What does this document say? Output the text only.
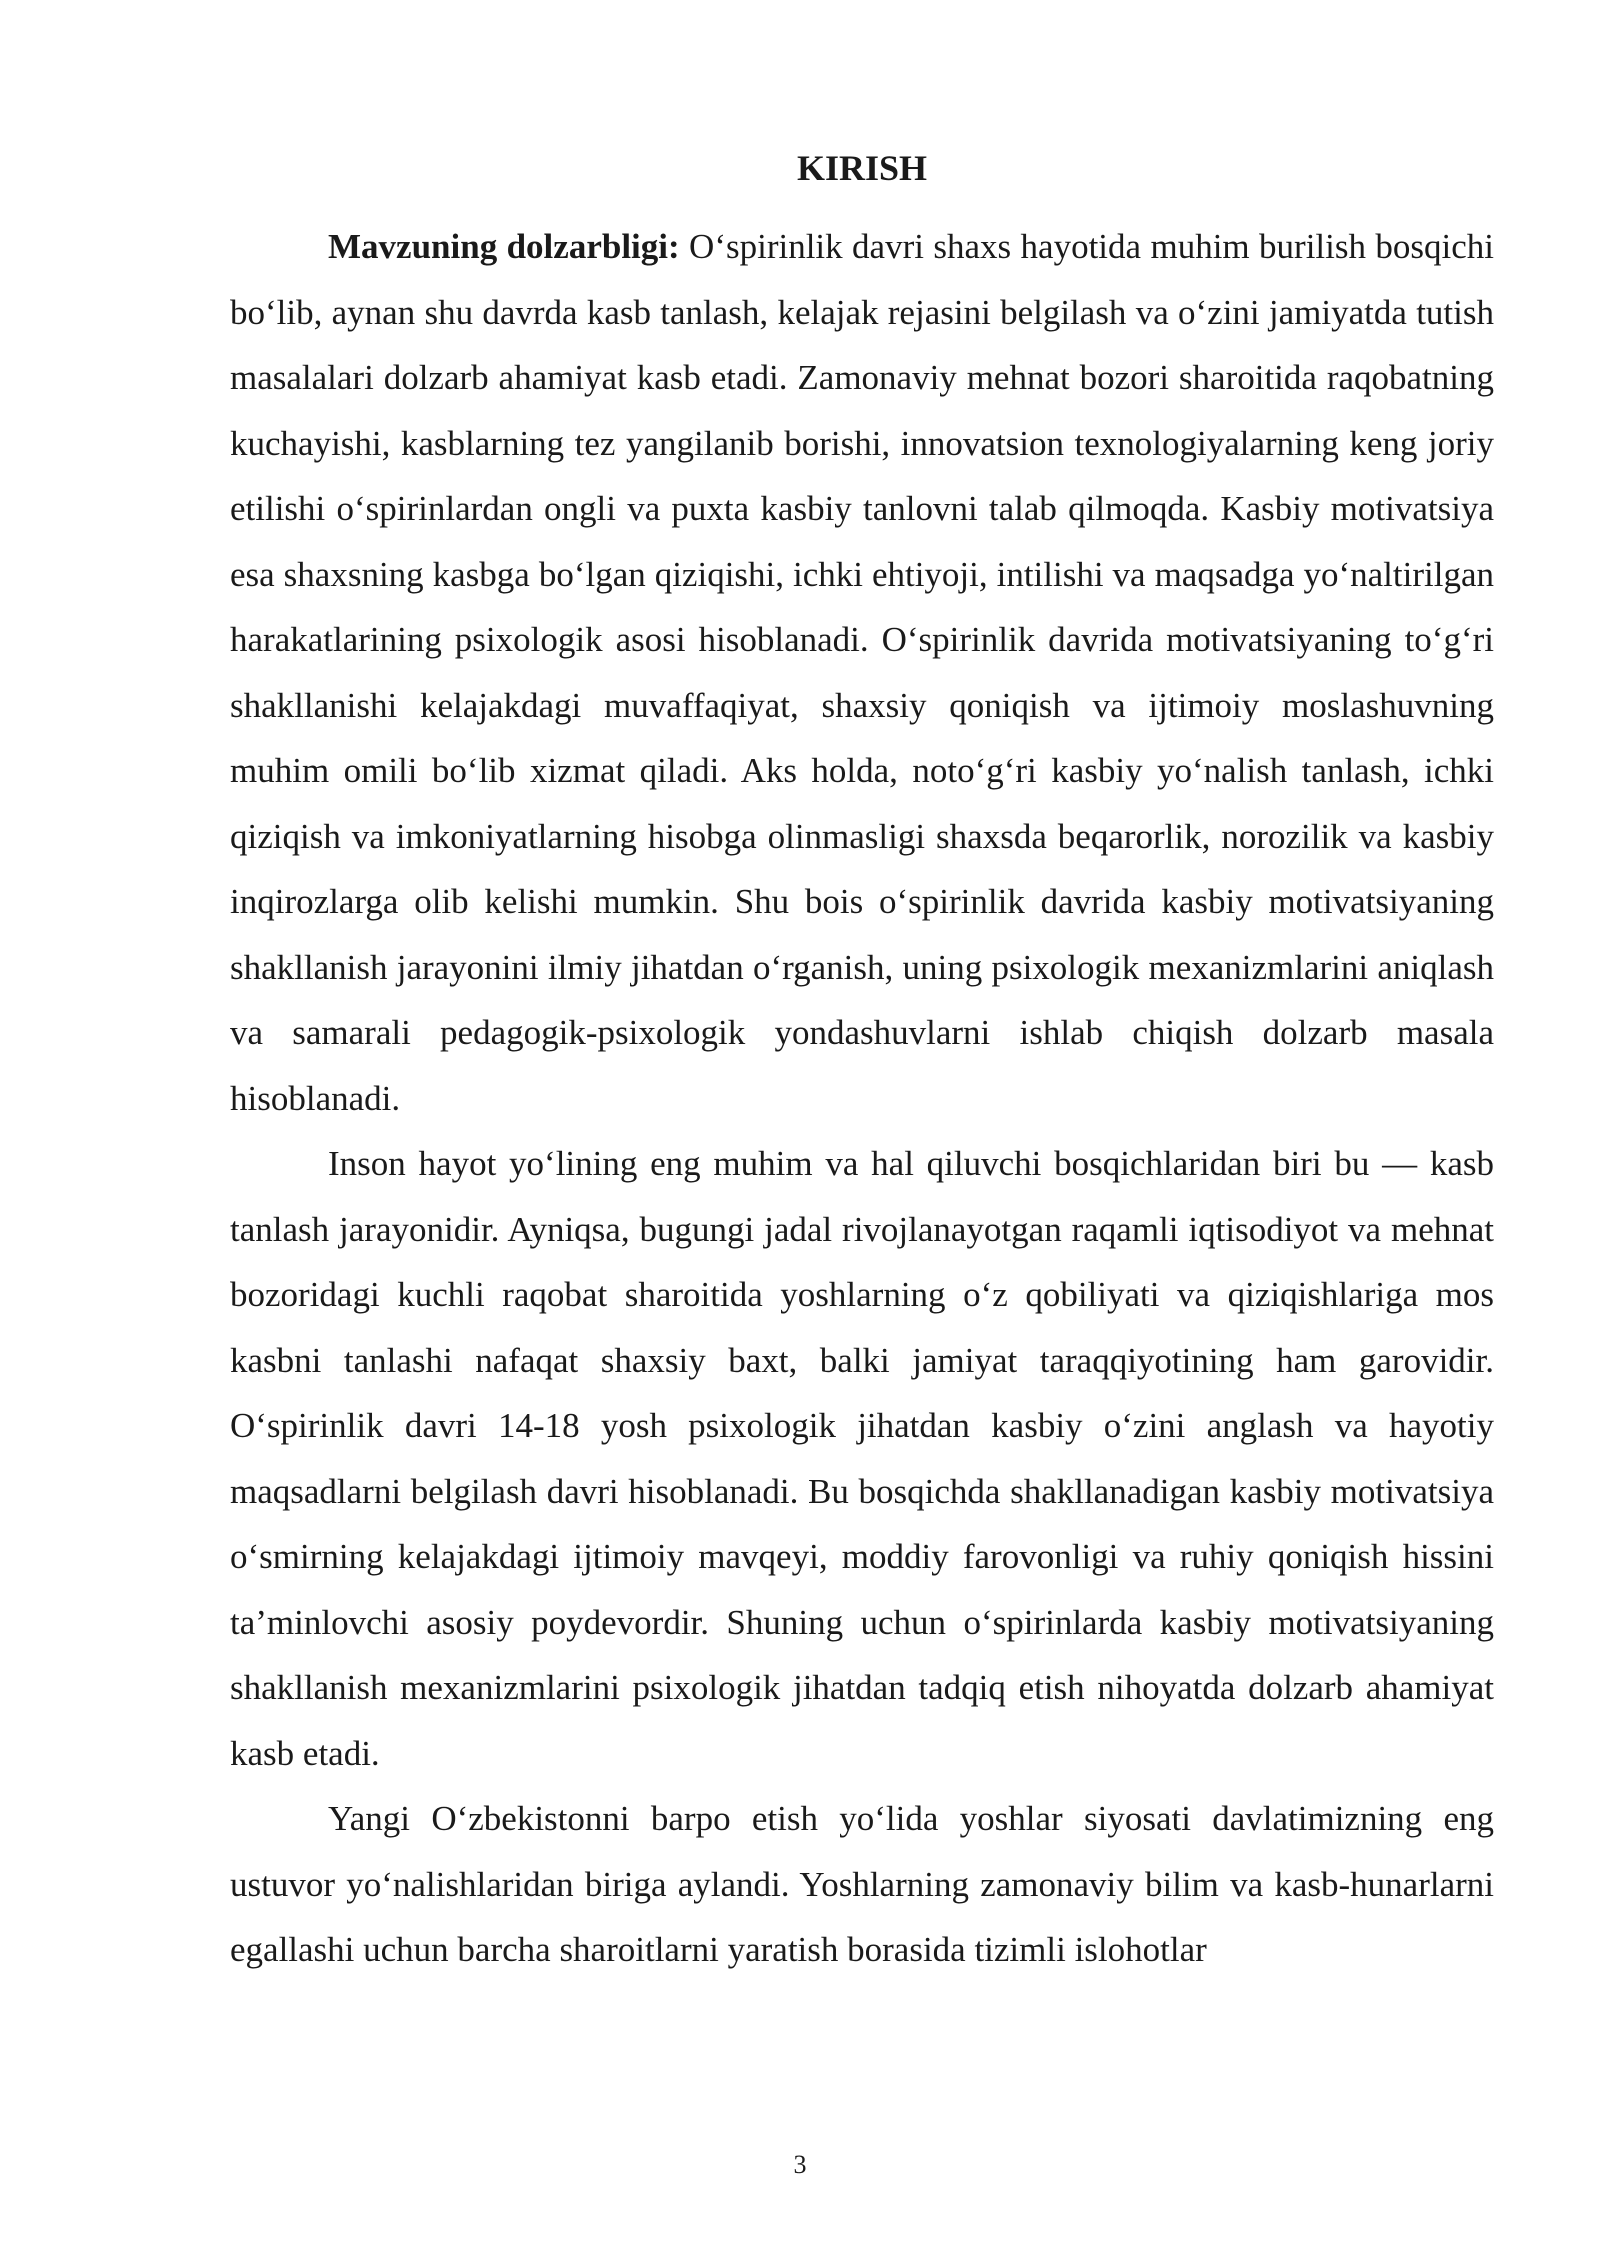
KIRISH

Mavzuning dolzarbligi: O‘spirinlik davri shaxs hayotida muhim burilish bosqichi bo‘lib, aynan shu davrda kasb tanlash, kelajak rejasini belgilash va o‘zini jamiyatda tutish masalalari dolzarb ahamiyat kasb etadi. Zamonaviy mehnat bozori sharoitida raqobatning kuchayishi, kasblarning tez yangilanib borishi, innovatsion texnologiyalarning keng joriy etilishi o‘spirinlardan ongli va puxta kasbiy tanlovni talab qilmoqda. Kasbiy motivatsiya esa shaxsning kasbga bo‘lgan qiziqishi, ichki ehtiyoji, intilishi va maqsadga yo‘naltirilgan harakatlarining psixologik asosi hisoblanadi. O‘spirinlik davrida motivatsiyaning to‘g‘ri shakllanishi kelajakdagi muvaffaqiyat, shaxsiy qoniqish va ijtimoiy moslashuvning muhim omili bo‘lib xizmat qiladi. Aks holda, noto‘g‘ri kasbiy yo‘nalish tanlash, ichki qiziqish va imkoniyatlarning hisobga olinmasligi shaxsda beqarorlik, norozilik va kasbiy inqirozlarga olib kelishi mumkin. Shu bois o‘spirinlik davrida kasbiy motivatsiyaning shakllanish jarayonini ilmiy jihatdan o‘rganish, uning psixologik mexanizmlarini aniqlash va samarali pedagogik-psixologik yondashuvlarni ishlab chiqish dolzarb masala hisoblanadi.

Inson hayot yo‘lining eng muhim va hal qiluvchi bosqichlaridan biri bu — kasb tanlash jarayonidir. Ayniqsa, bugungi jadal rivojlanayotgan raqamli iqtisodiyot va mehnat bozoridagi kuchli raqobat sharoitida yoshlarning o‘z qobiliyati va qiziqishlariga mos kasbni tanlashi nafaqat shaxsiy baxt, balki jamiyat taraqqiyotining ham garovidir. O‘spirinlik davri 14-18 yosh psixologik jihatdan kasbiy o‘zini anglash va hayotiy maqsadlarni belgilash davri hisoblanadi. Bu bosqichda shakllanadigan kasbiy motivatsiya o‘smirning kelajakdagi ijtimoiy mavqeyi, moddiy farovonligi va ruhiy qoniqish hissini ta’minlovchi asosiy poydevordir. Shuning uchun o‘spirinlarda kasbiy motivatsiyaning shakllanish mexanizmlarini psixologik jihatdan tadqiq etish nihoyatda dolzarb ahamiyat kasb etadi.

Yangi O‘zbekistonni barpo etish yo‘lida yoshlar siyosati davlatimizning eng ustuvor yo‘nalishlaridan biriga aylandi. Yoshlarning zamonaviy bilim va kasb-hunarlarni egallashi uchun barcha sharoitlarni yaratish borasida tizimli islohotlar

3
